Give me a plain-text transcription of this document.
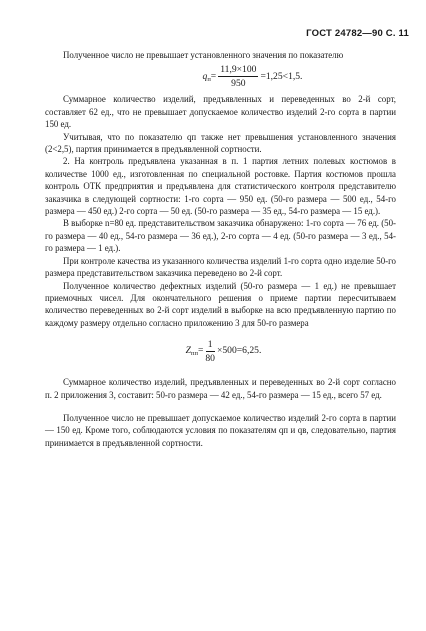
ГОСТ 24782—90 С. 11

Полученное число не превышает установленного значения по показателю

$q_п= \frac{11,9\times 100}{950} =1,25<1,5$.

Суммарное количество изделий, предъявленных и переведенных во 2-й сорт, составляет 62 ед., что не превышает допускаемое количество изделий 2-го сорта в партии 150 ед.

Учитывая, что по показателю qп также нет превышения установленного значения (2<2,5), партия принимается в предъявленной сортности.

2. На контроль предъявлена указанная в п. 1 партия летних полевых костюмов в количестве 1000 ед., изготовленная по специальной ростовке. Партия костюмов прошла контроль ОТК предприятия и предъявлена для статистического контроля представителю заказчика в следующей сортности: 1-го сорта — 950 ед. (50-го размера — 500 ед., 54-го размера — 450 ед.) 2-го сорта — 50 ед. (50-го размера — 35 ед., 54-го размера — 15 ед.).

В выборке n=80 ед. представительством заказчика обнаружено: 1-го сорта — 76 ед. (50-го размера — 40 ед., 54-го размера — 36 ед.), 2-го сорта — 4 ед. (50-го размера — 3 ед., 54-го размера — 1 ед.).

При контроле качества из указанного количества изделий 1-го сорта одно изделие 50-го размера представительством заказчика переведено во 2-й сорт.

Полученное количество дефектных изделий (50-го размера — 1 ед.) не превышает приемочных чисел. Для окончательного решения о приеме партии пересчитываем количество переведенных во 2-й сорт изделий в выборке на всю предъявленную партию по каждому размеру отдельно согласно приложению 3 для 50-го размера

$Z_{пп}= \frac{1}{80} \times 500=6,25$.

Суммарное количество изделий, предъявленных и переведенных во 2-й сорт согласно п. 2 приложения 3, составит: 50-го размера — 42 ед., 54-го размера — 15 ед., всего 57 ед.

Полученное число не превышает допускаемое количество изделий 2-го сорта в партии — 150 ед. Кроме того, соблюдаются условия по показателям qп и qв, следовательно, партия принимается в предъявленной сортности.
